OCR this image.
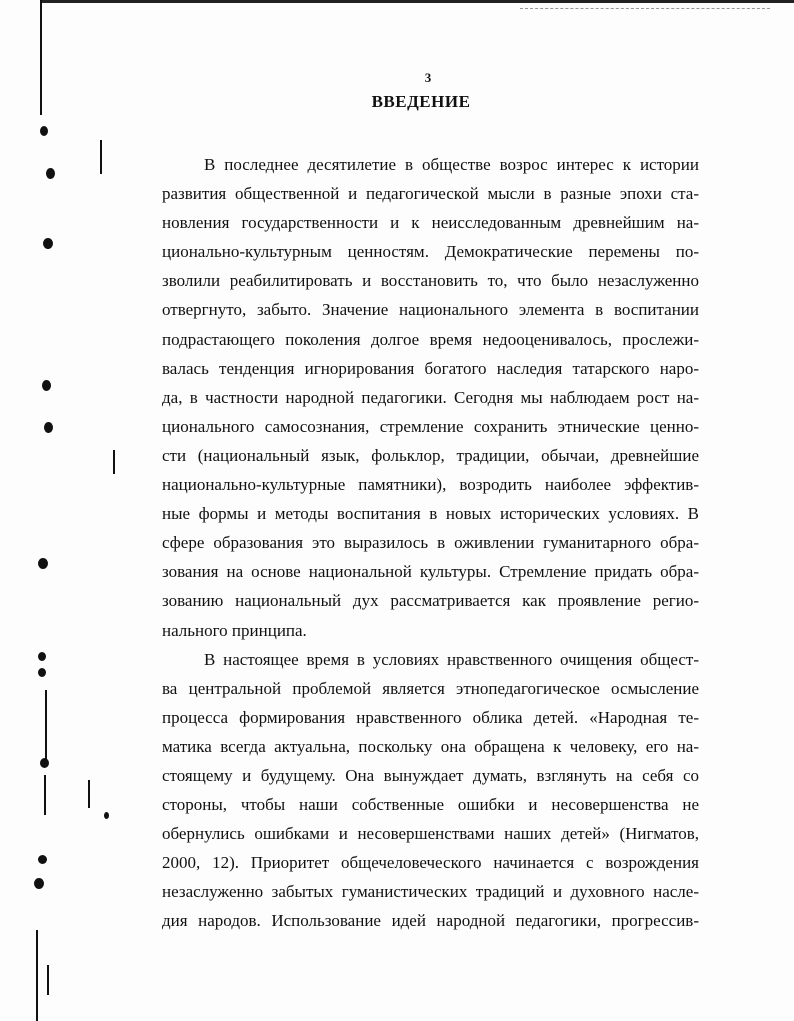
3
ВВЕДЕНИЕ
В последнее десятилетие в обществе возрос интерес к истории
развития общественной и педагогической мысли в разные эпохи ста-
новления государственности и к неисследованным древнейшим на-
ционально-культурным ценностям. Демократические перемены по-
зволили реабилитировать и восстановить то, что было незаслуженно
отвергнуто, забыто. Значение национального элемента в воспитании
подрастающего поколения долгое время недооценивалось, прослежи-
валась тенденция игнорирования богатого наследия татарского наро-
да, в частности народной педагогики. Сегодня мы наблюдаем рост на-
ционального самосознания, стремление сохранить этнические ценно-
сти (национальный язык, фольклор, традиции, обычаи, древнейшие
национально-культурные памятники), возродить наиболее эффектив-
ные формы и методы воспитания в новых исторических условиях. В
сфере образования это выразилось в оживлении гуманитарного обра-
зования на основе национальной культуры. Стремление придать обра-
зованию национальный дух рассматривается как проявление регио-
нального принципа.
В настоящее время в условиях нравственного очищения общест-
ва центральной проблемой является этнопедагогическое осмысление
процесса формирования нравственного облика детей. «Народная те-
матика всегда актуальна, поскольку она обращена к человеку, его на-
стоящему и будущему. Она вынуждает думать, взглянуть на себя со
стороны, чтобы наши собственные ошибки и несовершенства не
обернулись ошибками и несовершенствами наших детей» (Нигматов,
2000, 12). Приоритет общечеловеческого начинается с возрождения
незаслуженно забытых гуманистических традиций и духовного насле-
дия народов. Использование идей народной педагогики, прогрессив-
